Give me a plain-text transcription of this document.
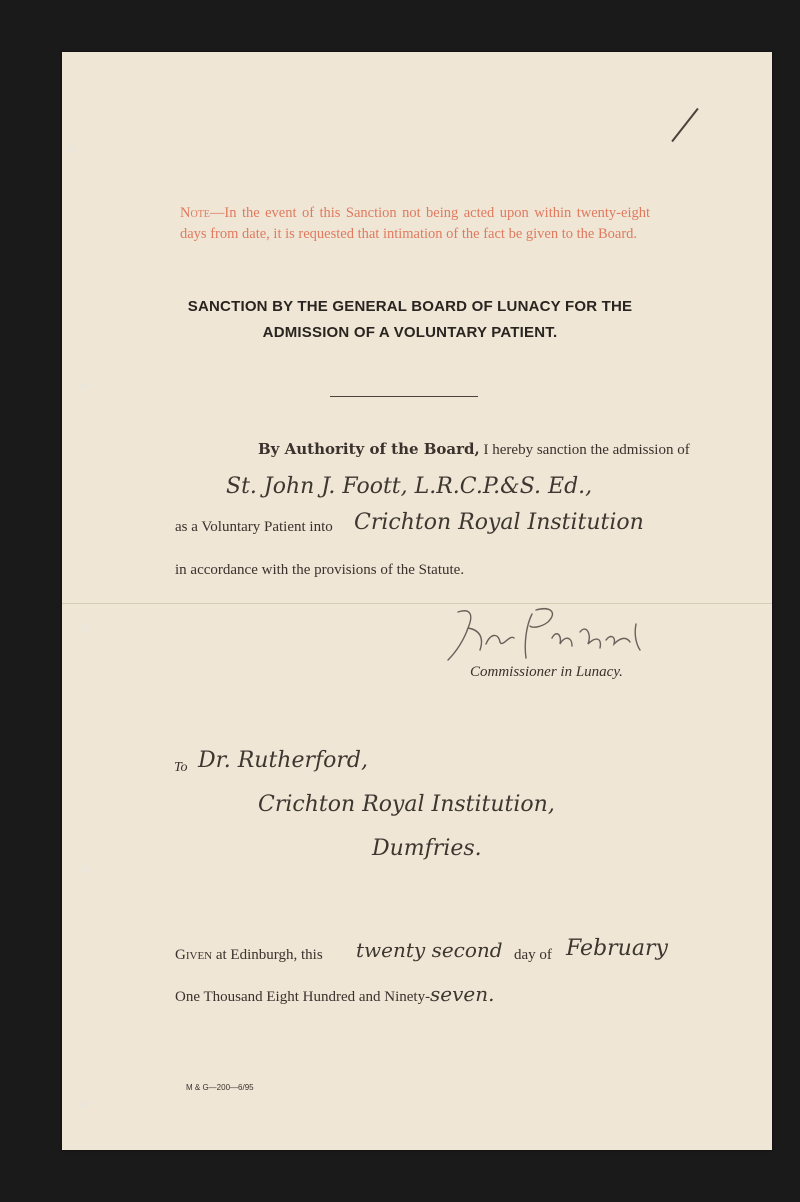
Note—In the event of this Sanction not being acted upon within twenty-eight days from date, it is requested that intimation of the fact be given to the Board.
SANCTION BY THE GENERAL BOARD OF LUNACY FOR THE
ADMISSION OF A VOLUNTARY PATIENT.
By Authority of the Board, I hereby sanction the admission of
St. John J. Foott, L.R.C.P.&S. Ed.,
as a Voluntary Patient into Crichton Royal Institution
in accordance with the provisions of the Statute.
Commissioner in Lunacy.
To Dr. Rutherford,
Crichton Royal Institution,
Dumfries.
Given at Edinburgh, this twenty second day of February
One Thousand Eight Hundred and Ninety- seven.
M & G—200—6/95
